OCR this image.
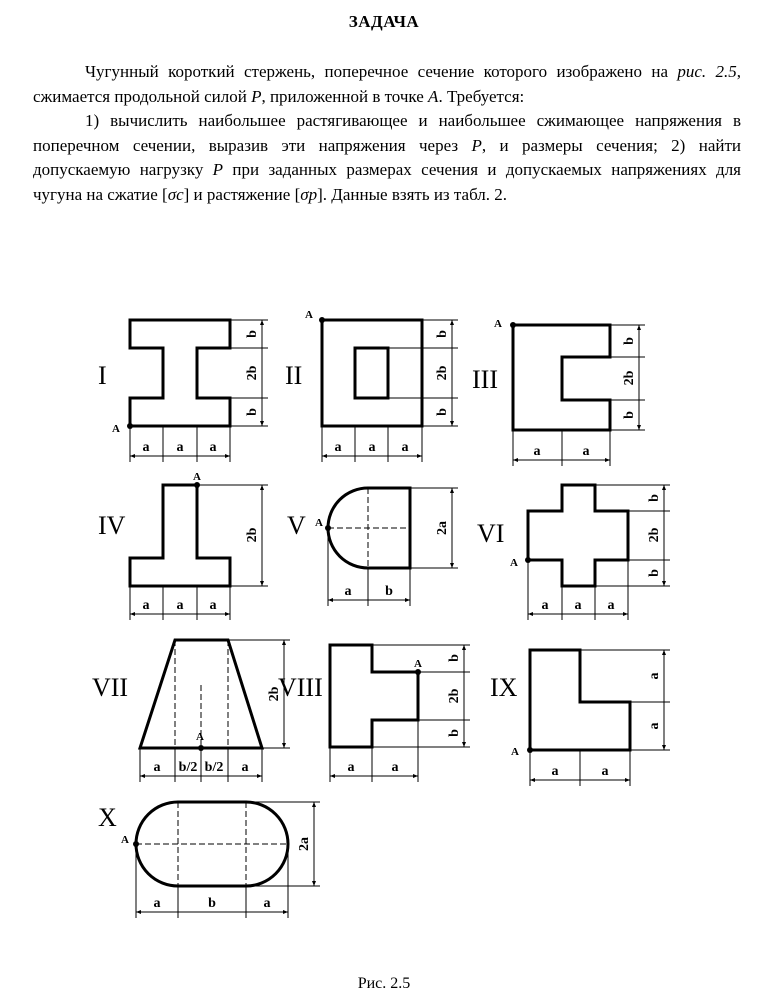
ЗАДАЧА

Чугунный короткий стержень, поперечное сечение которого изображено на рис. 2.5, сжимается продольной силой P, приложенной в точке A. Требуется:

1) вычислить наибольшее растягивающее и наибольшее сжимающее напряжения в поперечном сечении, выразив эти напряжения через P, и размеры сечения; 2) найти допускаемую нагрузку P при заданных размерах сечения и допускаемых напряжениях для чугуна на сжатие [σc] и растяжение [σp]. Данные взять из табл. 2.

I
A
a a a
b
2b
b
II
A
a a a
b
2b
b
III
A
a	a
b
2b
b
IV
A
a a a
2b V A
a b
2a VI
A
a a a
b
2b
b
VII
A
a b/2 b/2 a
2b
VIII
A
a	a
b
2b
b
IX
A
a	a
a
a
X
A
a	b	a
2a
Рис. 2.5
